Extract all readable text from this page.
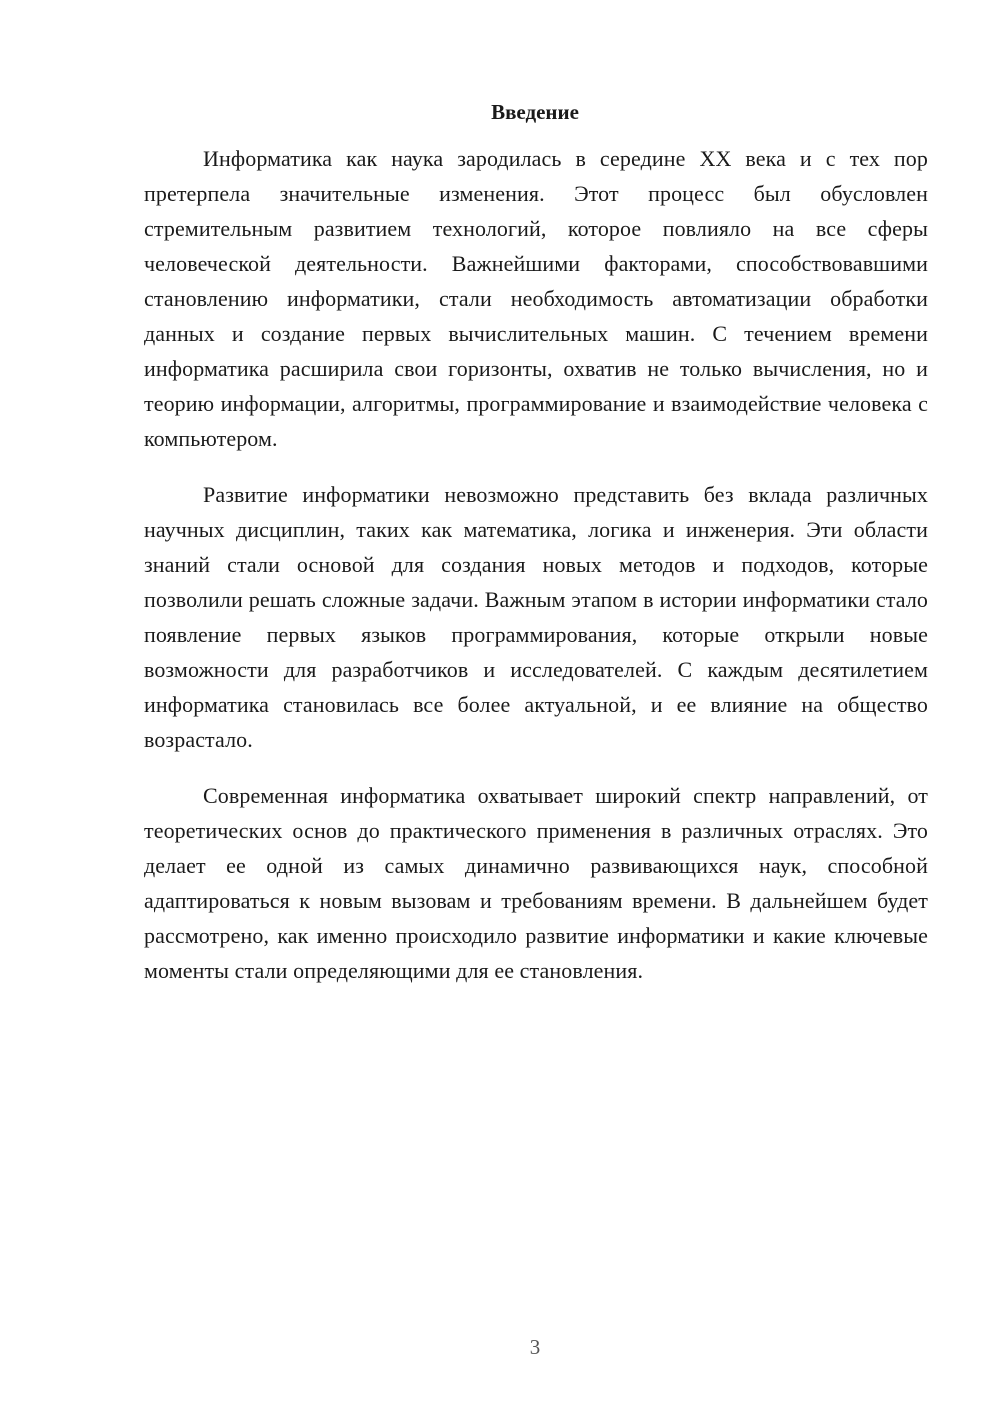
Введение

Информатика как наука зародилась в середине XX века и с тех пор претерпела значительные изменения. Этот процесс был обусловлен стремительным развитием технологий, которое повлияло на все сферы человеческой деятельности. Важнейшими факторами, способствовавшими становлению информатики, стали необходимость автоматизации обработки данных и создание первых вычислительных машин. С течением времени информатика расширила свои горизонты, охватив не только вычисления, но и теорию информации, алгоритмы, программирование и взаимодействие человека с компьютером.

Развитие информатики невозможно представить без вклада различных научных дисциплин, таких как математика, логика и инженерия. Эти области знаний стали основой для создания новых методов и подходов, которые позволили решать сложные задачи. Важным этапом в истории информатики стало появление первых языков программирования, которые открыли новые возможности для разработчиков и исследователей. С каждым десятилетием информатика становилась все более актуальной, и ее влияние на общество возрастало.

Современная информатика охватывает широкий спектр направлений, от теоретических основ до практического применения в различных отраслях. Это делает ее одной из самых динамично развивающихся наук, способной адаптироваться к новым вызовам и требованиям времени. В дальнейшем будет рассмотрено, как именно происходило развитие информатики и какие ключевые моменты стали определяющими для ее становления.

3
